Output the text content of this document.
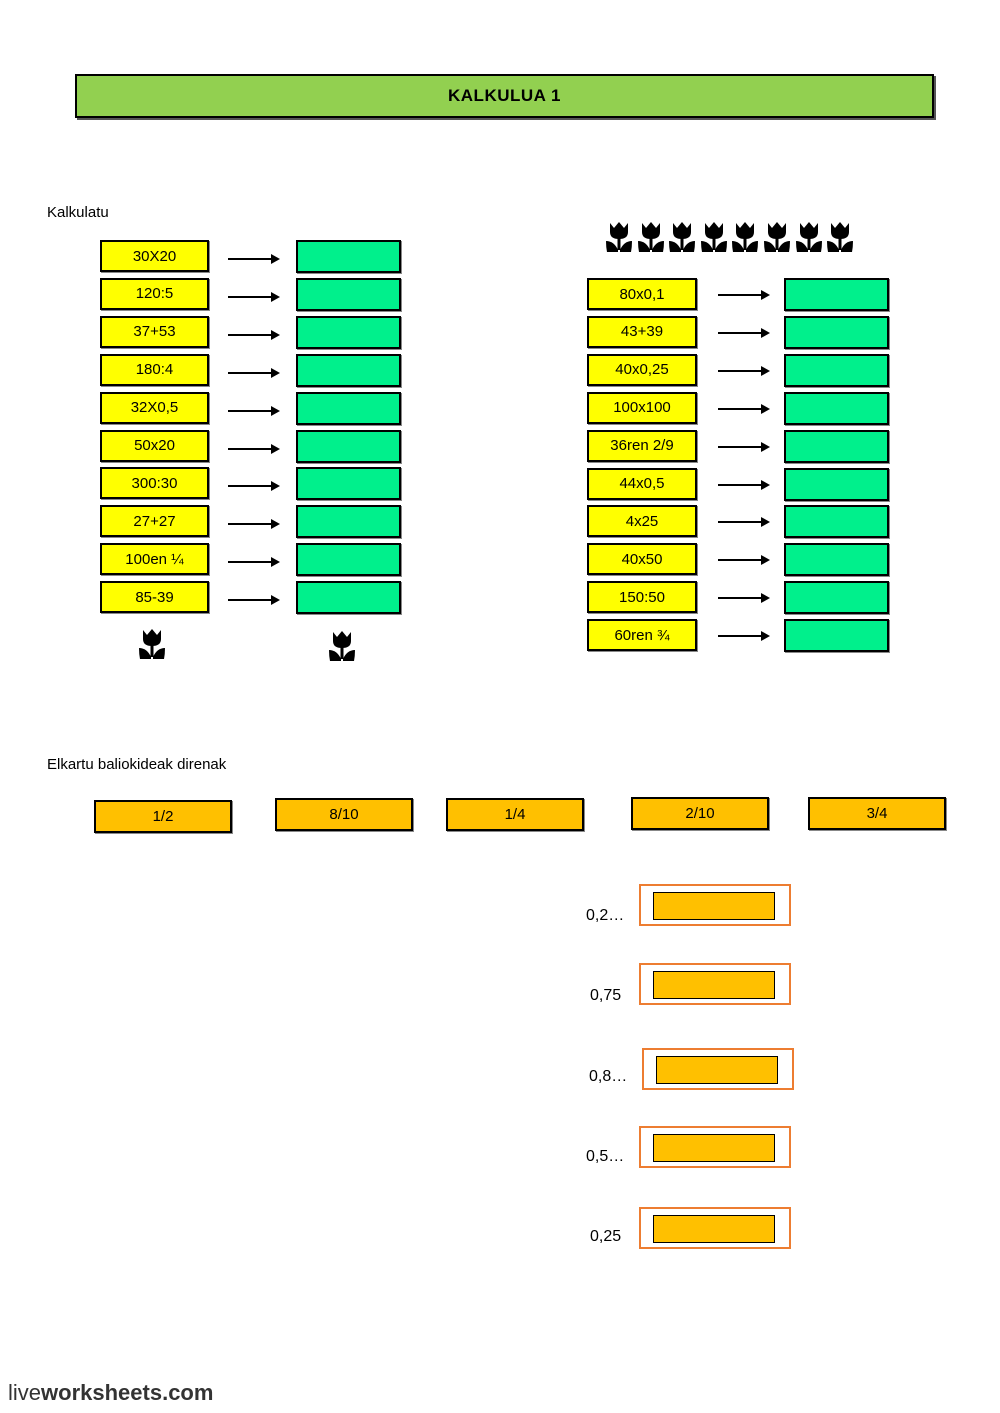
KALKULUA 1
Kalkulatu
30X20
120:5
37+53
180:4
32X0,5
50x20
300:30
27+27
100en ¼
85-39
80x0,1
43+39
40x0,25
100x100
36ren 2/9
44x0,5
4x25
40x50
150:50
60ren ¾
Elkartu baliokideak direnak
1/2	8/10	1/4	2/10	3/4
0,2…
0,75
0,8…
0,5…
0,25
liveworksheets.com
